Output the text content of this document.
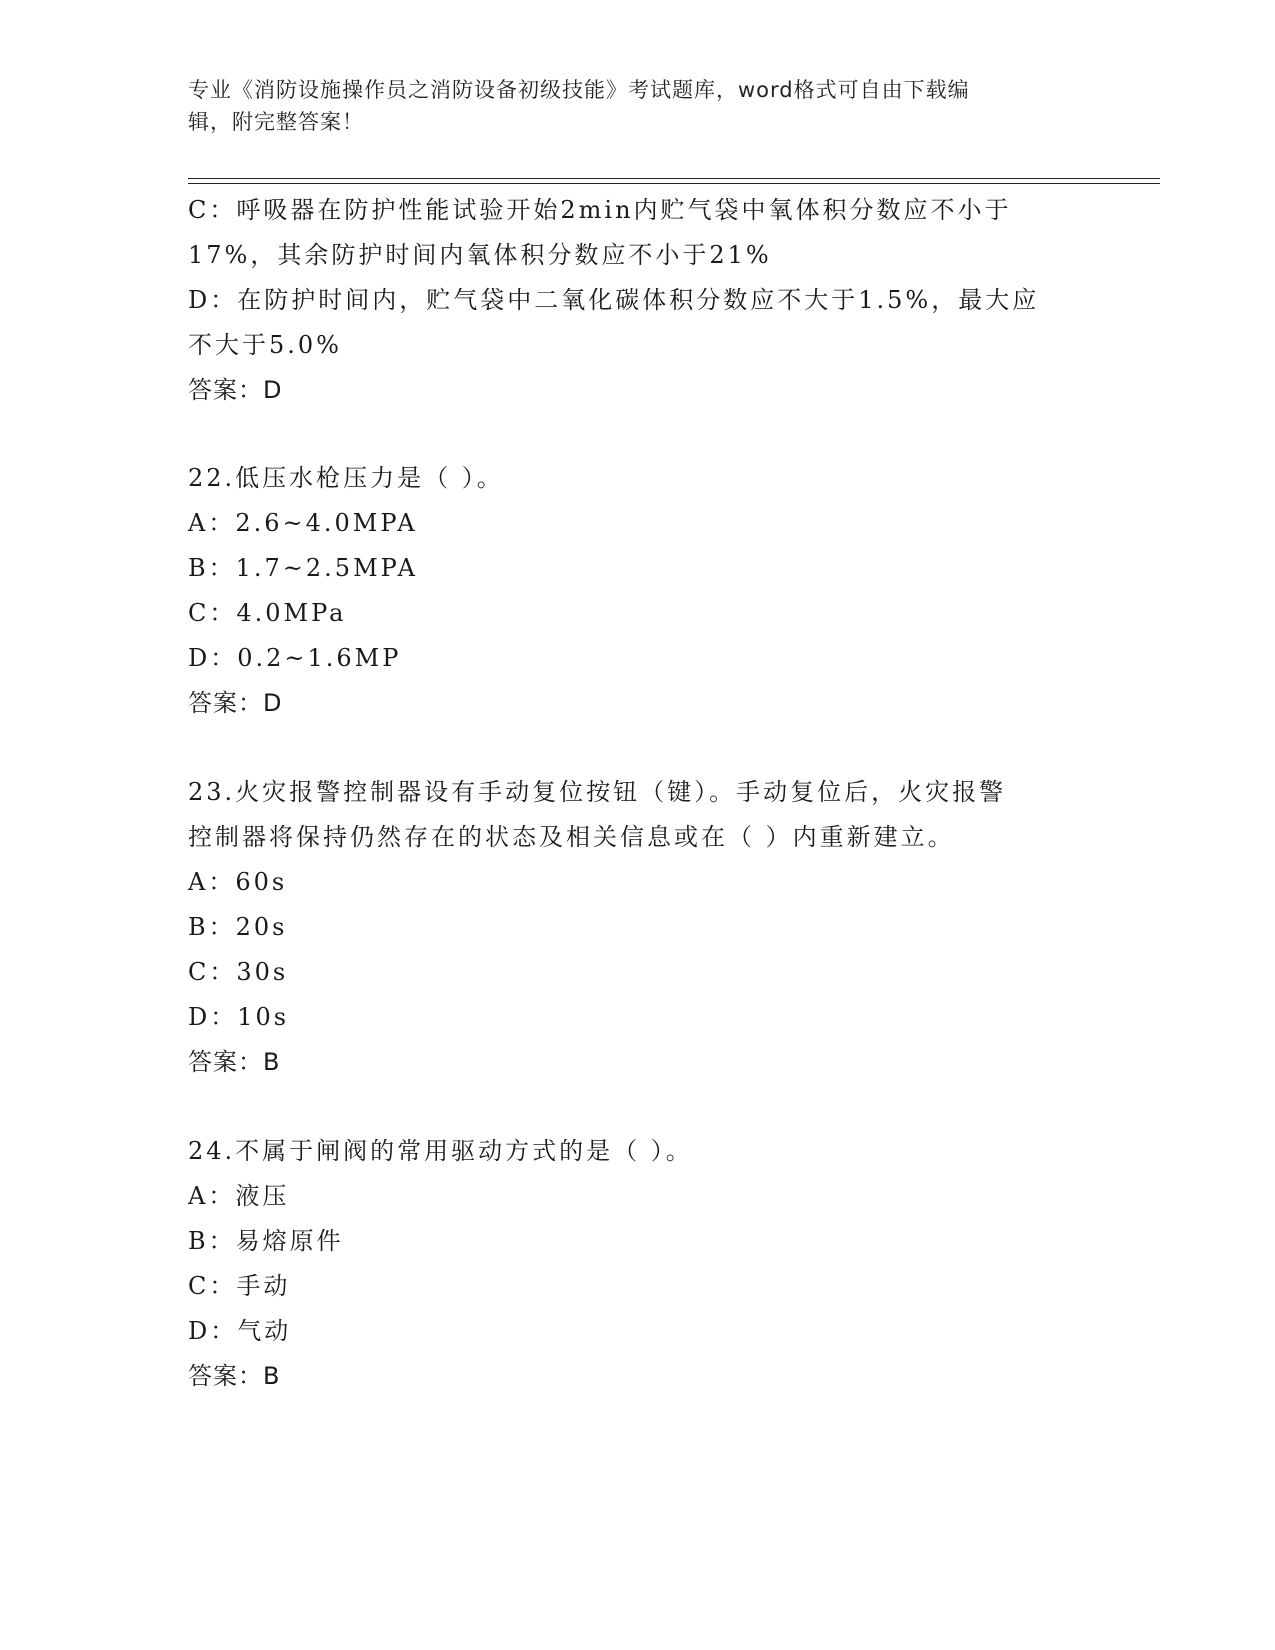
专业《消防设施操作员之消防设备初级技能》考试题库，word格式可自由下载编
辑，附完整答案！
C：呼吸器在防护性能试验开始2min内贮气袋中氧体积分数应不小于
17%，其余防护时间内氧体积分数应不小于21%
D：在防护时间内，贮气袋中二氧化碳体积分数应不大于1.5%，最大应
不大于5.0%
答案：D
22.低压水枪压力是（ ）。
A：2.6~4.0MPA
B：1.7~2.5MPA
C：4.0MPa
D：0.2~1.6MP
答案：D
23.火灾报警控制器设有手动复位按钮（键）。手动复位后，火灾报警
控制器将保持仍然存在的状态及相关信息或在（ ）内重新建立。
A：60s
B：20s
C：30s
D：10s
答案：B
24.不属于闸阀的常用驱动方式的是（ ）。
A：液压
B：易熔原件
C：手动
D：气动
答案：B
